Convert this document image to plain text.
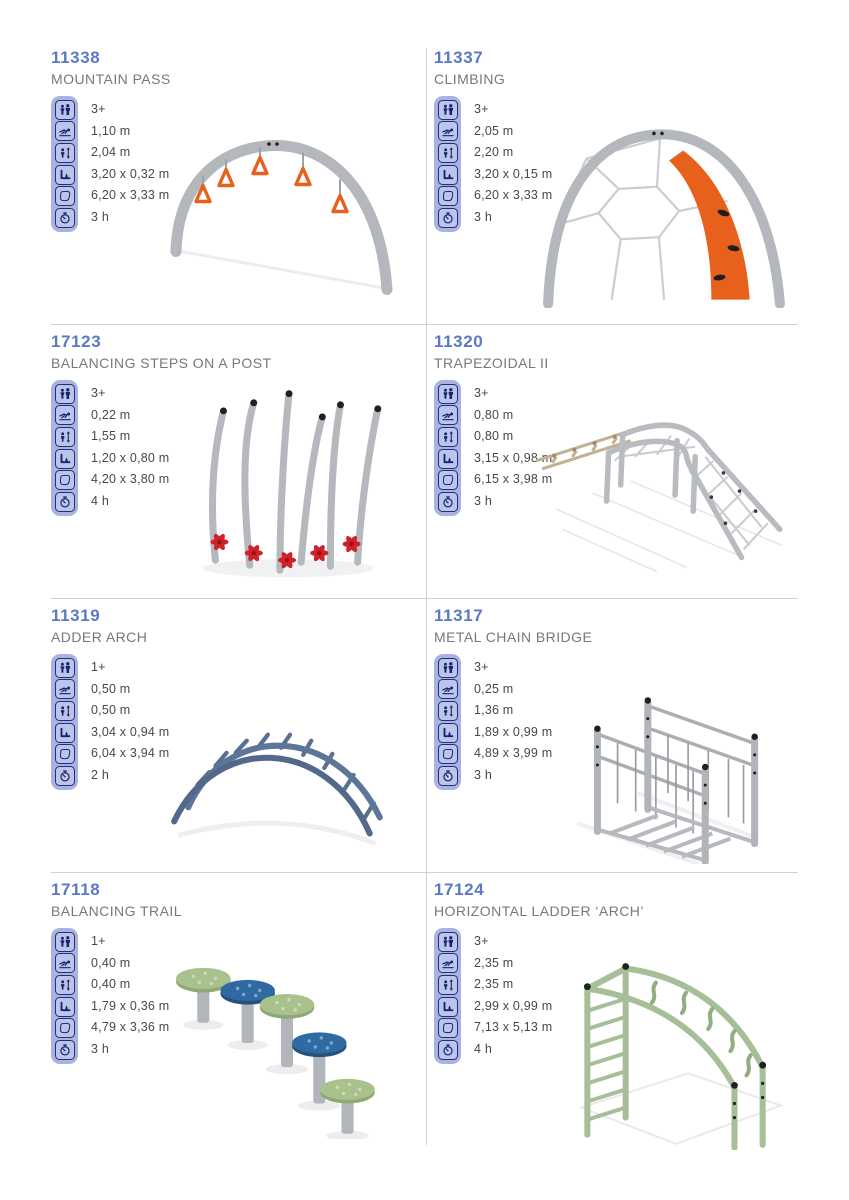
11338
MOUNTAIN PASS
3+
1,10 m
2,04 m
3,20 x 0,32 m
6,20 x 3,33 m
3 h
11337
CLIMBING
3+
2,05 m
2,20 m
3,20 x 0,15 m
6,20 x 3,33 m
3 h
17123
BALANCING STEPS ON A POST
3+
0,22 m
1,55 m
1,20 x 0,80 m
4,20 x 3,80 m
4 h
11320
TRAPEZOIDAL II
3+
0,80 m
0,80 m
3,15 x 0,98 m
6,15 x 3,98 m
3 h
11319
ADDER ARCH
1+
0,50 m
0,50 m
3,04 x 0,94 m
6,04 x 3,94 m
2 h
11317
METAL CHAIN BRIDGE
3+
0,25 m
1,36 m
1,89 x 0,99 m
4,89 x 3,99 m
3 h
17118
BALANCING TRAIL
1+
0,40 m
0,40 m
1,79 x 0,36 m
4,79 x 3,36 m
3 h
17124
HORIZONTAL LADDER ‘ARCH’
3+
2,35 m
2,35 m
2,99 x 0,99 m
7,13 x 5,13 m
4 h
